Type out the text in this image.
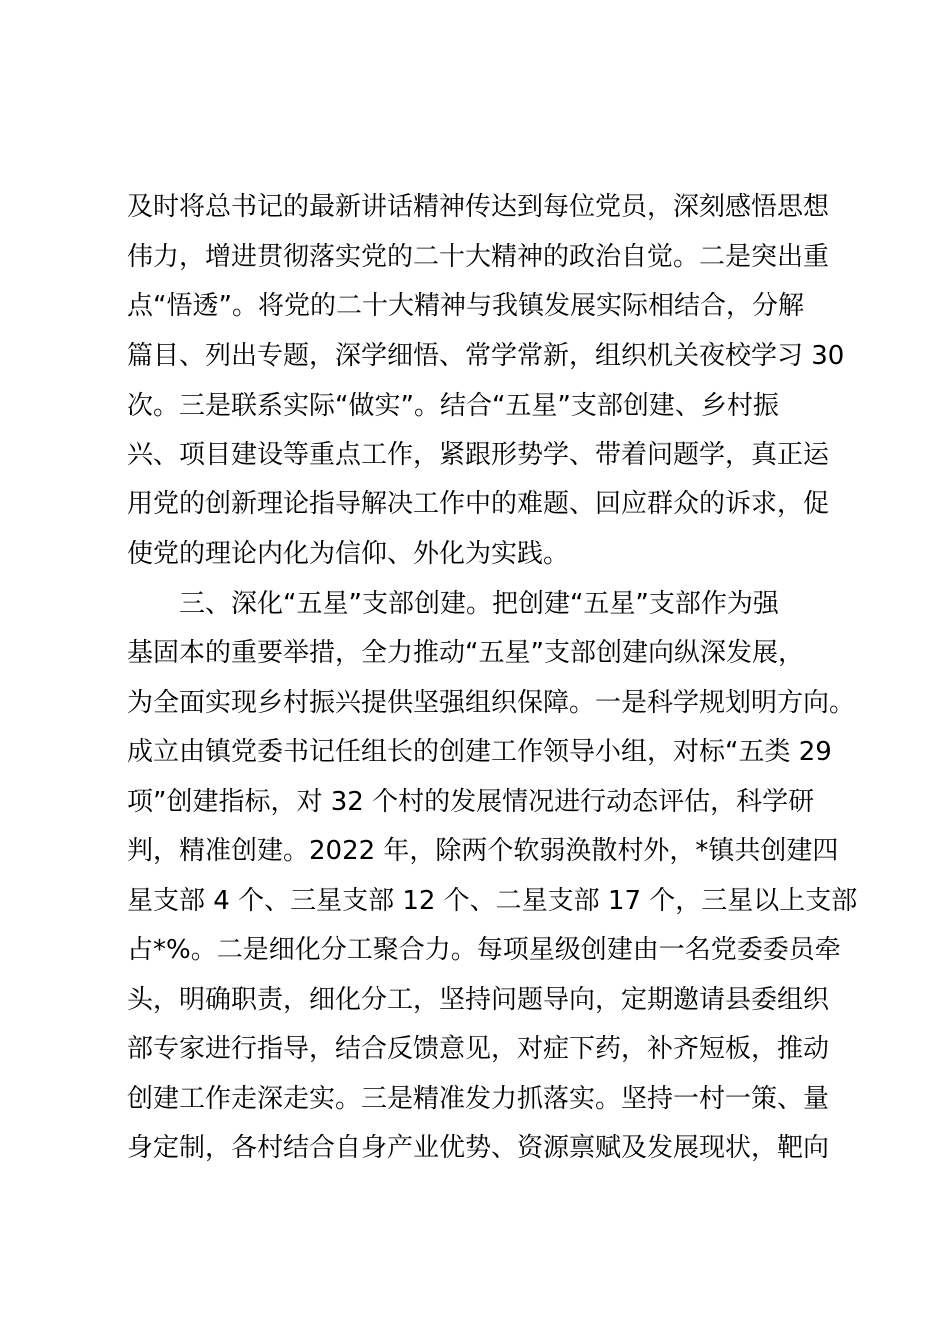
及时将总书记的最新讲话精神传达到每位党员，深刻感悟思想

伟力，增进贯彻落实党的二十大精神的政治自觉。二是突出重

点“悟透”。将党的二十大精神与我镇发展实际相结合，分解

篇目、列出专题，深学细悟、常学常新，组织机关夜校学习 30

次。三是联系实际“做实”。结合“五星”支部创建、乡村振

兴、项目建设等重点工作，紧跟形势学、带着问题学，真正运

用党的创新理论指导解决工作中的难题、回应群众的诉求，促

使党的理论内化为信仰、外化为实践。

三、深化“五星”支部创建。把创建“五星”支部作为强

基固本的重要举措，全力推动“五星”支部创建向纵深发展，

为全面实现乡村振兴提供坚强组织保障。一是科学规划明方向。

成立由镇党委书记任组长的创建工作领导小组，对标“五类 29

项”创建指标，对 32 个村的发展情况进行动态评估，科学研

判，精准创建。2022 年，除两个软弱涣散村外，*镇共创建四

星支部 4 个、三星支部 12 个、二星支部 17 个，三星以上支部

占*%。二是细化分工聚合力。每项星级创建由一名党委委员牵

头，明确职责，细化分工，坚持问题导向，定期邀请县委组织

部专家进行指导，结合反馈意见，对症下药，补齐短板，推动

创建工作走深走实。三是精准发力抓落实。坚持一村一策、量

身定制，各村结合自身产业优势、资源禀赋及发展现状，靶向
